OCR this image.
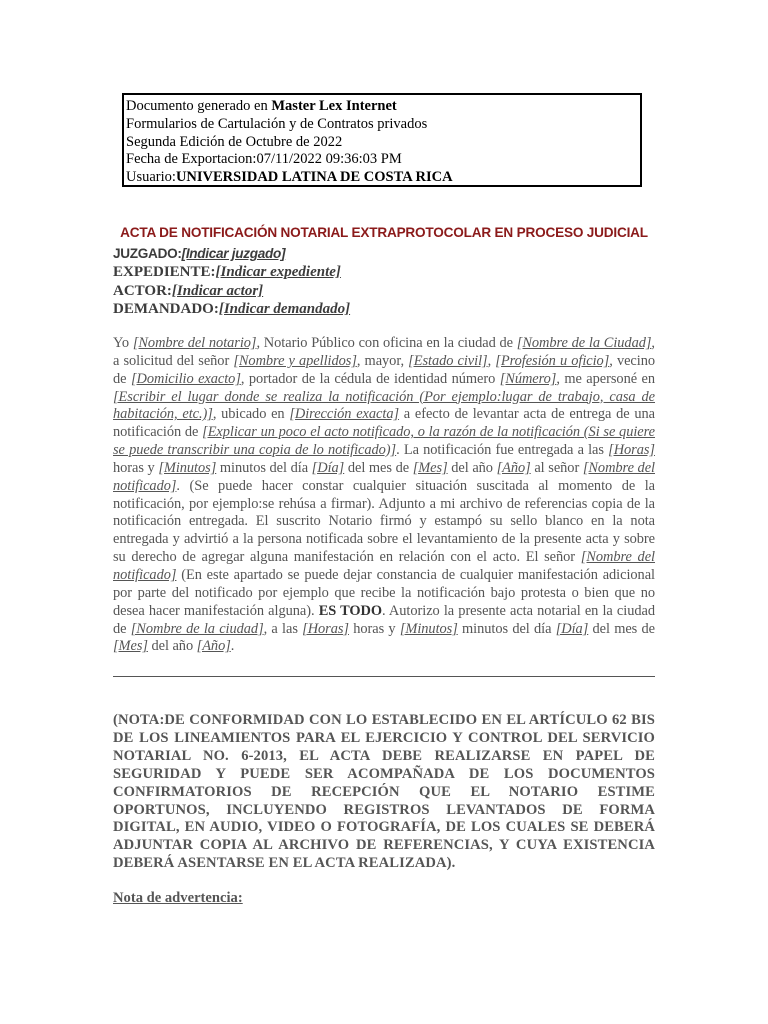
Documento generado en Master Lex Internet
Formularios de Cartulación y de Contratos privados
Segunda Edición de Octubre de 2022
Fecha de Exportacion:07/11/2022 09:36:03 PM
Usuario:UNIVERSIDAD LATINA DE COSTA RICA
ACTA DE NOTIFICACIÓN NOTARIAL EXTRAPROTOCOLAR EN PROCESO JUDICIAL
JUZGADO:[Indicar juzgado]
EXPEDIENTE:[Indicar expediente]
ACTOR:[Indicar actor]
DEMANDADO:[Indicar demandado]
Yo [Nombre del notario], Notario Público con oficina en la ciudad de [Nombre de la Ciudad], a solicitud del señor [Nombre y apellidos], mayor, [Estado civil], [Profesión u oficio], vecino de [Domicilio exacto], portador de la cédula de identidad número [Número], me apersoné en [Escribir el lugar donde se realiza la notificación (Por ejemplo:lugar de trabajo, casa de habitación, etc.)], ubicado en [Dirección exacta] a efecto de levantar acta de entrega de una notificación de [Explicar un poco el acto notificado, o la razón de la notificación (Si se quiere se puede transcribir una copia de lo notificado)]. La notificación fue entregada a las [Horas] horas y [Minutos] minutos del día [Día] del mes de [Mes] del año [Año] al señor [Nombre del notificado]. (Se puede hacer constar cualquier situación suscitada al momento de la notificación, por ejemplo:se rehúsa a firmar). Adjunto a mi archivo de referencias copia de la notificación entregada. El suscrito Notario firmó y estampó su sello blanco en la nota entregada y advirtió a la persona notificada sobre el levantamiento de la presente acta y sobre su derecho de agregar alguna manifestación en relación con el acto. El señor [Nombre del notificado] (En este apartado se puede dejar constancia de cualquier manifestación adicional por parte del notificado por ejemplo que recibe la notificación bajo protesta o bien que no desea hacer manifestación alguna). ES TODO. Autorizo la presente acta notarial en la ciudad de [Nombre de la ciudad], a las [Horas] horas y [Minutos] minutos del día [Día] del mes de [Mes] del año [Año].
(NOTA:DE CONFORMIDAD CON LO ESTABLECIDO EN EL ARTÍCULO 62 BIS DE LOS LINEAMIENTOS PARA EL EJERCICIO Y CONTROL DEL SERVICIO NOTARIAL NO. 6-2013, EL ACTA DEBE REALIZARSE EN PAPEL DE SEGURIDAD Y PUEDE SER ACOMPAÑADA DE LOS DOCUMENTOS CONFIRMATORIOS DE RECEPCIÓN QUE EL NOTARIO ESTIME OPORTUNOS, INCLUYENDO REGISTROS LEVANTADOS DE FORMA DIGITAL, EN AUDIO, VIDEO O FOTOGRAFÍA, DE LOS CUALES SE DEBERÁ ADJUNTAR COPIA AL ARCHIVO DE REFERENCIAS, Y CUYA EXISTENCIA DEBERÁ ASENTARSE EN EL ACTA REALIZADA).
Nota de advertencia:
